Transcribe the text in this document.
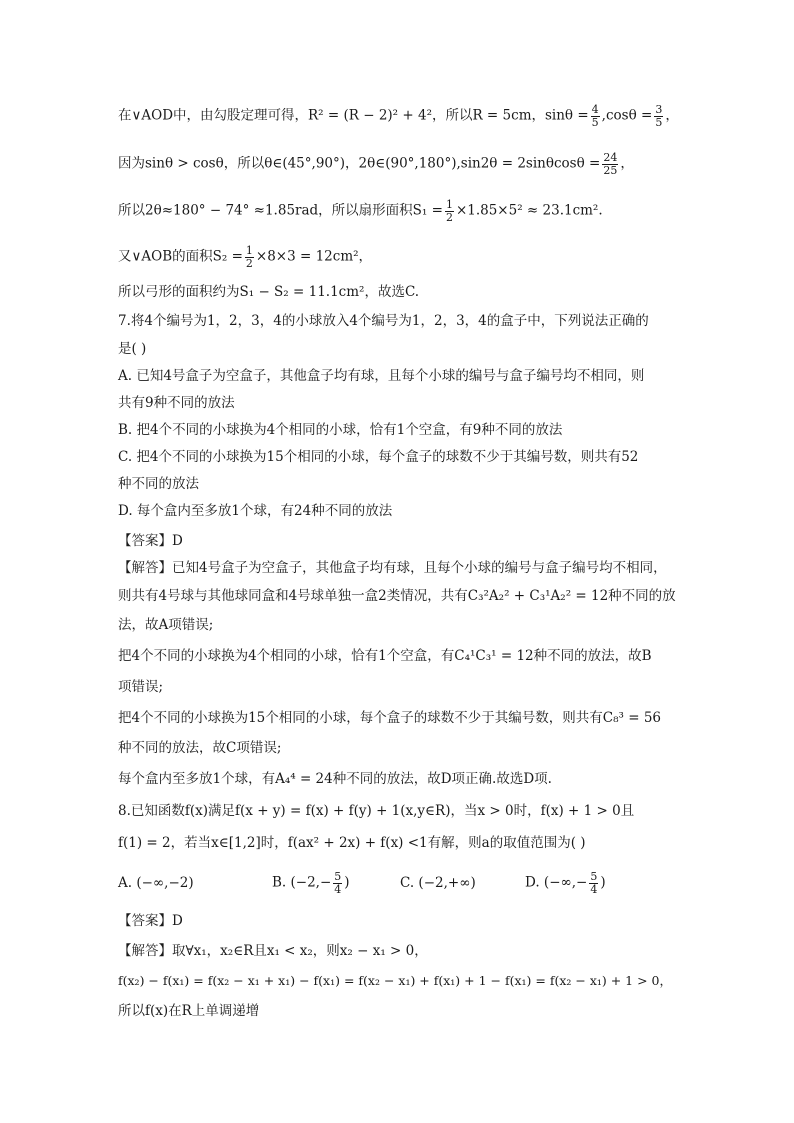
在∨AOD中，由勾股定理可得，R² = (R − 2)² + 4²，所以R = 5cm，$\sin\theta = \frac{4}{5} ,\cos\theta = \frac{3}{5}$ ，
因为sinθ > cosθ，所以θ∈(45°,90°)，2θ∈(90°,180°),sin2θ = $2\sin\theta\cos\theta = \frac{24}{25}$ ，
所以2θ≈180° − 74° ≈1.85rad，所以扇形面积$S_1 = \frac{1}{2} \times 1.85\times 5^2 \approx 23.1cm^2$.
又∨AOB的面积$S_2 = \frac{1}{2} \times 8\times 3 = 12cm^2$，
所以弓形的面积约为S₁ − S₂ = 11.1cm²，故选C.
7.将4个编号为1，2，3，4的小球放入4个编号为1，2，3，4的盒子中，下列说法正确的
是( )
A. 已知4号盒子为空盒子，其他盒子均有球，且每个小球的编号与盒子编号均不相同，则
共有9种不同的放法
B. 把4个不同的小球换为4个相同的小球，恰有1个空盒，有9种不同的放法
C. 把4个不同的小球换为15个相同的小球，每个盒子的球数不少于其编号数，则共有52
种不同的放法
D. 每个盒内至多放1个球，有24种不同的放法
【答案】D
【解答】已知4号盒子为空盒子，其他盒子均有球，且每个小球的编号与盒子编号均不相同，
则共有4号球与其他球同盒和4号球单独一盒2类情况，共有C₃²A₂² + C₃¹A₂² = 12种不同的放
法，故A项错误;
把4个不同的小球换为4个相同的小球，恰有1个空盒，有C₄¹C₃¹ = 12种不同的放法，故B
项错误;
把4个不同的小球换为15个相同的小球，每个盒子的球数不少于其编号数，则共有C₈³ = 56
种不同的放法，故C项错误;
每个盒内至多放1个球，有A₄⁴ = 24种不同的放法，故D项正确.故选D项.
8.已知函数f(x)满足f(x + y) = f(x) + f(y) + 1(x,y∈R)，当x > 0时，f(x) + 1 > 0且
f(1) = 2，若当x∈[1,2]时，f(ax² + 2x) + f(x) <1有解，则a的取值范围为( )
A. (−∞,−2)	B. ($-2,- \frac{5}{4}$ )	C. (−2,+∞)	D. (−∞,− $\frac{5}{4}$ )
【答案】D
【解答】取∀x₁，x₂∈R且x₁ < x₂，则x₂ − x₁ > 0，
f(x₂) − f(x₁) = f(x₂ − x₁ + x₁) − f(x₁) = f(x₂ − x₁) + f(x₁) + 1 − f(x₁) = f(x₂ − x₁) + 1 > 0，
所以f(x)在R上单调递增
